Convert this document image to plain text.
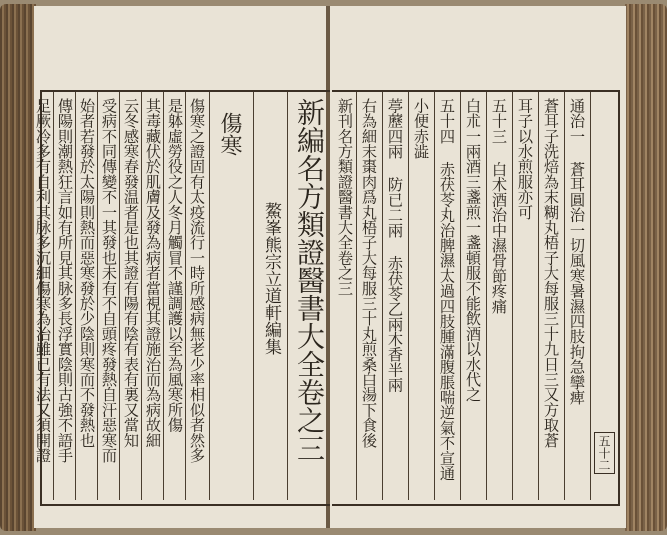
新編名方類證醫書大全卷之三
鰲峯熊宗立道軒編集
傷寒
傷寒之證固有太疫流行一時所感病無老少率相似者然多
是躰虛勞役之人冬月觸冒不謹調護以至為風寒所傷
其毒藏伏於肌膚及發為病者當視其證施治而為病故細
云冬感寒春發温者是也其證有陽有陰有表有裏又當知
受病不同傳變不一其發也未有不自頭疼發熱自汗惡寒而
始者若發於太陽則熱而惡寒發於少陰則寒而不發熱也
傳陽則潮熱狂言如有所見其脉多長浮實陰則古強不語手
足厥冷多有自利其脉多沉細傷寒為治雖已有法又須開證	新刊名方類證醫書大全卷之三 右為細末棗肉爲丸梧子大每服三十丸煎桑白湯下食後 葶藶四兩 防已二兩 赤茯苓乙兩木香半兩 小便赤澁 五十四 赤茯苓丸治脾濕太過四肢腫滿腹脹喘逆氣不宣通 白朮一兩酒三盞煎一盞頓服不能飲酒以水代之 五十三 白术酒治中濕骨節疼痛 耳子以水煎服亦可 蒼耳子洗焙為末糊丸梧子大每服三十九日三又方取蒼 通治一 蒼耳圓治一切風寒暑濕四肢拘急攣痺
五十二
